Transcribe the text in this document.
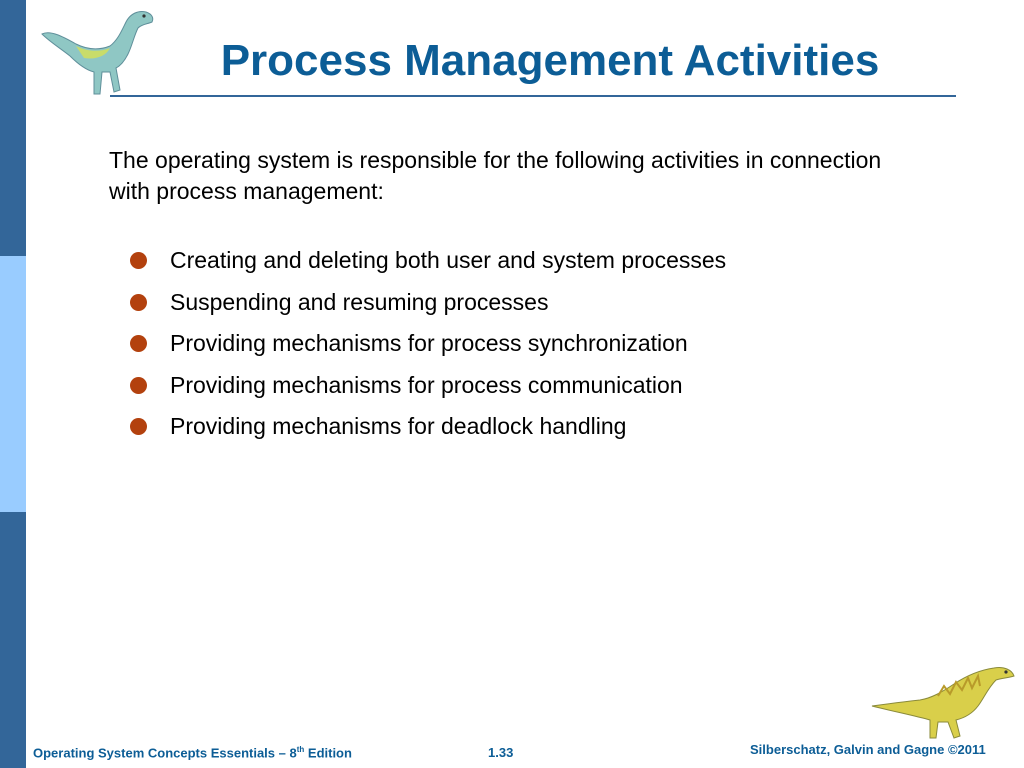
Process Management Activities

The operating system is responsible for the following activities in connection with process management:

Creating and deleting both user and system processes
Suspending and resuming processes
Providing mechanisms for process synchronization
Providing mechanisms for process communication
Providing mechanisms for deadlock handling
Operating System Concepts Essentials – 8th Edition	1.33	Silberschatz, Galvin and Gagne ©2011
